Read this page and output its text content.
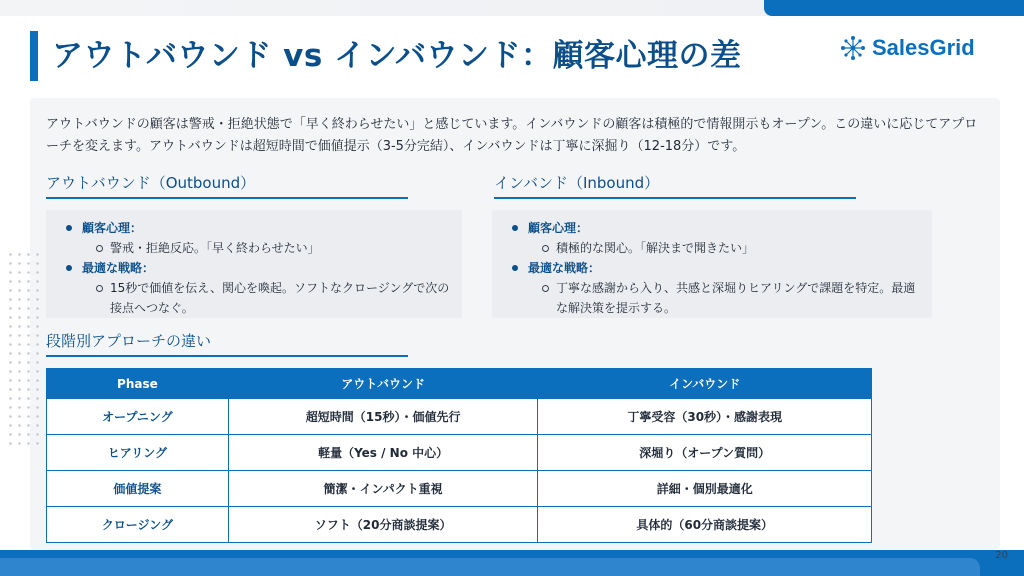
アウトバウンド vs インバウンド：顧客心理の差	SalesGrid

アウトバウンドの顧客は警戒・拒絶状態で「早く終わらせたい」と感じています。インバウンドの顧客は積極的で情報開示もオープン。この違いに応じてアプローチを変えます。アウトバウンドは超短時間で価値提示（3-5分完結）、インバウンドは丁寧に深掘り（12-18分）です。

アウトバウンド（Outbound）
顧客心理：
警戒・拒絶反応。「早く終わらせたい」
最適な戦略：
15秒で価値を伝え、関心を喚起。ソフトなクロージングで次の接点へつなぐ。
インバンド（Inbound）
顧客心理：
積極的な関心。「解決まで聞きたい」
最適な戦略：
丁寧な感謝から入り、共感と深堀りヒアリングで課題を特定。最適な解決策を提示する。
段階別アプローチの違い
Phase	アウトバウンド	インバウンド
オープニング	超短時間（15秒）・価値先行	丁寧受容（30秒）・感謝表現
ヒアリング	軽量（Yes / No 中心）	深堀り（オープン質問）
価値提案	簡潔・インパクト重視	詳細・個別最適化
クロージング	ソフト（20分商談提案）	具体的（60分商談提案）
20
